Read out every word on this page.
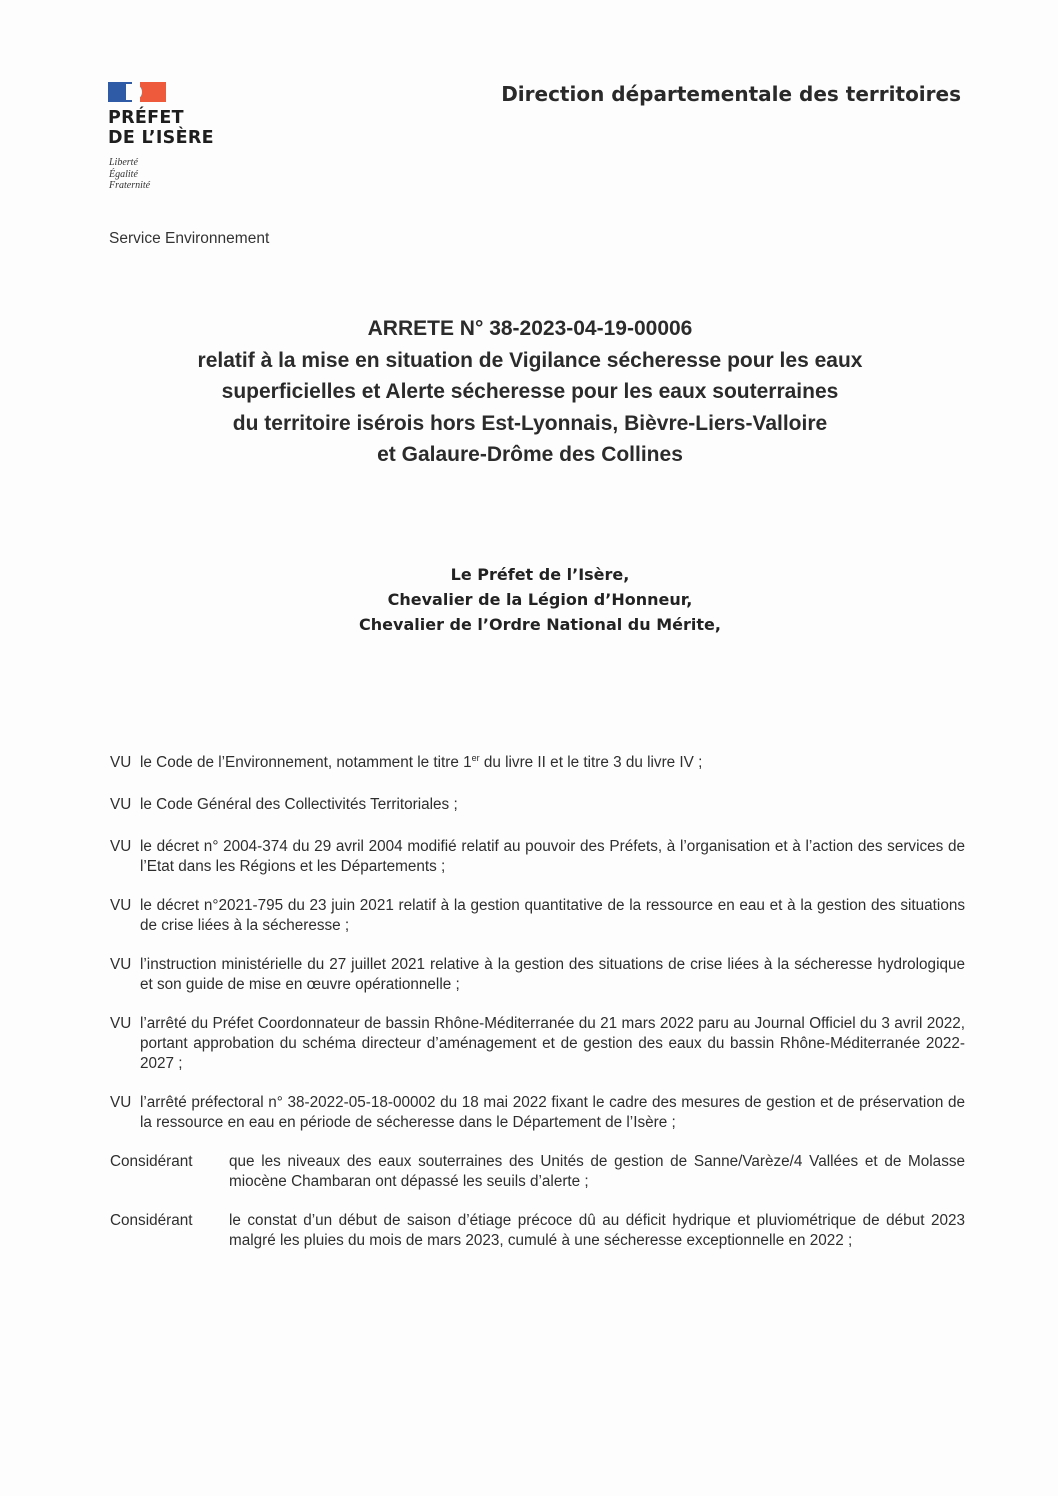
PRÉFET
DE L’ISÈRE
Liberté
Égalité
Fraternité
Direction départementale des territoires
Service Environnement
ARRETE N° 38-2023-04-19-00006
relatif à la mise en situation de Vigilance sécheresse pour les eaux
superficielles et Alerte sécheresse pour les eaux souterraines
du territoire isérois hors Est-Lyonnais, Bièvre-Liers-Valloire
et Galaure-Drôme des Collines
Le Préfet de l’Isère,
Chevalier de la Légion d’Honneur,
Chevalier de l’Ordre National du Mérite,
VU le Code de l’Environnement, notamment le titre 1er du livre II et le titre 3 du livre IV ;
VU le Code Général des Collectivités Territoriales ;
VU le décret n° 2004-374 du 29 avril 2004 modifié relatif au pouvoir des Préfets, à l’organisation et à l’action des services de l’Etat dans les Régions et les Départements ;
VU le décret n°2021-795 du 23 juin 2021 relatif à la gestion quantitative de la ressource en eau et à la gestion des situations de crise liées à la sécheresse ;
VU l’instruction ministérielle du 27 juillet 2021 relative à la gestion des situations de crise liées à la sécheresse hydrologique et son guide de mise en œuvre opérationnelle ;
VU l’arrêté du Préfet Coordonnateur de bassin Rhône-Méditerranée du 21 mars 2022 paru au Journal Officiel du 3 avril 2022, portant approbation du schéma directeur d’aménagement et de gestion des eaux du bassin Rhône-Méditerranée 2022-2027 ;
VU l’arrêté préfectoral n° 38-2022-05-18-00002 du 18 mai 2022 fixant le cadre des mesures de gestion et de préservation de la ressource en eau en période de sécheresse dans le Département de l’Isère ;
Considérant	que les niveaux des eaux souterraines des Unités de gestion de Sanne/Varèze/4 Vallées et de Molasse miocène Chambaran ont dépassé les seuils d’alerte ;
Considérant	le constat d’un début de saison d’étiage précoce dû au déficit hydrique et pluviométrique de début 2023 malgré les pluies du mois de mars 2023, cumulé à une sécheresse exceptionnelle en 2022 ;
